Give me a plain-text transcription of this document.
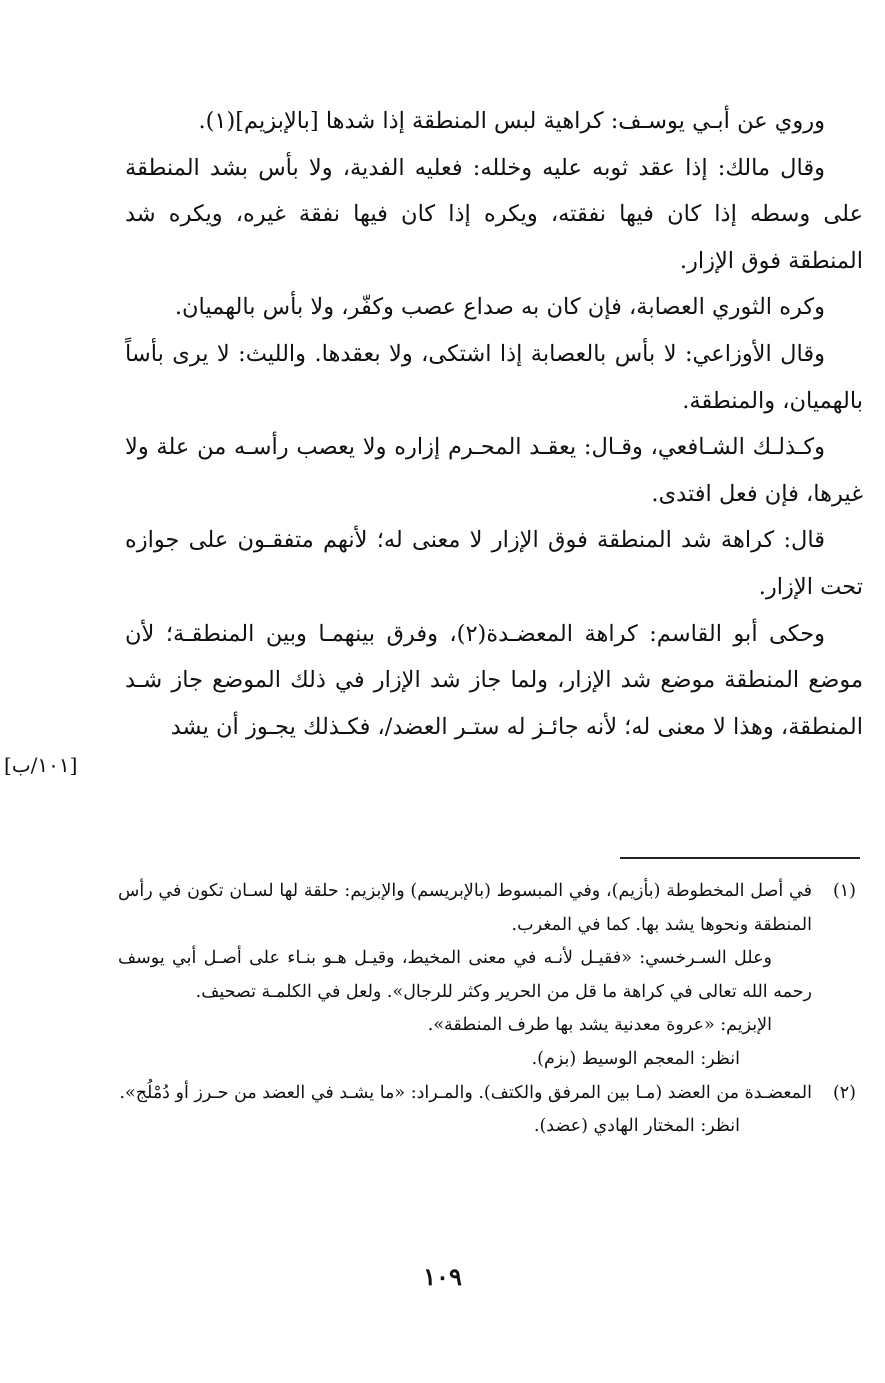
وروي عن أبـي يوسـف: كراهية لبس المنطقة إذا شدها [بالإبزيم](١).

وقال مالك: إذا عقد ثوبه عليه وخلله: فعليه الفدية، ولا بأس بشد المنطقة على وسطه إذا كان فيها نفقته، ويكره إذا كان فيها نفقة غيره، ويكره شد المنطقة فوق الإزار.

وكره الثوري العصابة، فإن كان به صداع عصب وكفّر، ولا بأس بالهميان.

وقال الأوزاعي: لا بأس بالعصابة إذا اشتكى، ولا بعقدها. والليث: لا يرى بأساً بالهميان، والمنطقة.

وكـذلـك الشـافعي، وقـال: يعقـد المحـرم إزاره ولا يعصب رأسـه من علة ولا غيرها، فإن فعل افتدى.

قال: كراهة شد المنطقة فوق الإزار لا معنى له؛ لأنهم متفقـون على جوازه تحت الإزار.

وحكى أبو القاسم: كراهة المعضـدة(٢)، وفرق بينهمـا وبين المنطقـة؛ لأن موضع المنطقة موضع شد الإزار، ولما جاز شد الإزار في ذلك الموضع جاز شـد المنطقة، وهذا لا معنى له؛ لأنه جائـز له ستـر العضد/، فكـذلك يجـوز أن يشد

[١٠١/ب]
(١)

في أصل المخطوطة (بأزيم)، وفي المبسوط (بالإبريسم) والإبزيم: حلقة لها لسـان تكون في رأس المنطقة ونحوها يشد بها. كما في المغرب.

وعلل السـرخسي: «فقيـل لأنـه في معنى المخيط، وقيـل هـو بنـاء على أصـل أبي يوسف رحمه الله تعالى في كراهة ما قل من الحرير وكثر للرجال». ولعل في الكلمـة تصحيف.

الإبزيم: «عروة معدنية يشد بها طرف المنطقة».

انظر: المعجم الوسيط (بزم).

(٢)

المعضـدة من العضد (مـا بين المرفق والكتف). والمـراد: «ما يشـد في العضد من حـرز أو دُمْلُج».

انظر: المختار الهادي (عضد).

١٠٩
